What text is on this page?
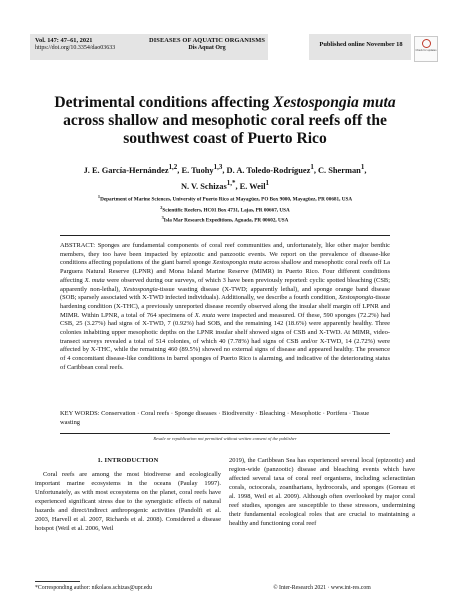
Vol. 147: 47–61, 2021
https://doi.org/10.3354/dao03633
DISEASES OF AQUATIC ORGANISMS
Dis Aquat Org	Published online November 18
Check for updates
Detrimental conditions affecting Xestospongia muta across shallow and mesophotic coral reefs off the southwest coast of Puerto Rico
J. E. García-Hernández$^{1,2}$, E. Tuohy$^{1,3}$, D. A. Toledo-Rodríguez$^1$, C. Sherman$^1$,
N. V. Schizas$^{1,*}$, E. Weil$^1$
$^1$Department of Marine Sciences, University of Puerto Rico at Mayagüez, PO Box 9000, Mayagüez, PR 00681, USA
$^2$Scientific Reefers, HC01 Box 4731, Lajas, PR 00667, USA
$^3$Isla Mar Research Expeditions, Aguada, PR 00602, USA
ABSTRACT: Sponges are fundamental components of coral reef communities and, unfortunately, like other major benthic members, they too have been impacted by epizootic and panzootic events. We report on the prevalence of disease-like conditions affecting populations of the giant barrel sponge Xestospongia muta across shallow and mesophotic coral reefs off La Parguera Natural Reserve (LPNR) and Mona Island Marine Reserve (MIMR) in Puerto Rico. Four different conditions affecting X. muta were observed during our surveys, of which 3 have been previously reported: cyclic spotted bleaching (CSB; apparently non-lethal), Xestospongia-tissue wasting disease (X-TWD; apparently lethal), and sponge orange band disease (SOB; sparsely associated with X-TWD infected individuals). Additionally, we describe a fourth condition, Xestospongia-tissue hardening condition (X-THC), a previously unreported disease recently observed along the insular shelf margin off LPNR and MIMR. Within LPNR, a total of 764 specimens of X. muta were inspected and measured. Of these, 590 sponges (72.2%) had CSB, 25 (3.27%) had signs of X-TWD, 7 (0.92%) had SOB, and the remaining 142 (18.6%) were apparently healthy. Three colonies inhabiting upper mesophotic depths on the LPNR insular shelf showed signs of CSB and X-TWD. At MIMR, video-transect surveys revealed a total of 514 colonies, of which 40 (7.78%) had signs of CSB and/or X-TWD, 14 (2.72%) were affected by X-THC, while the remaining 460 (89.5%) showed no external signs of disease and appeared healthy. The presence of 4 concomitant disease-like conditions in barrel sponges of Puerto Rico is alarming, and indicative of the deteriorating status of Caribbean coral reefs.
KEY WORDS: Conservation · Coral reefs · Sponge diseases · Biodiversity · Bleaching · Mesophotic · Porifera · Tissue wasting
Resale or republication not permitted without written consent of the publisher
1. INTRODUCTION

Coral reefs are among the most biodiverse and ecologically important marine ecosystems in the oceans (Paulay 1997). Unfortunately, as with most ecosystems on the planet, coral reefs have experienced significant stress due to the synergistic effects of natural hazards and direct/indirect anthropogenic activities (Pandolfi et al. 2003, Harvell et al. 2007, Richards et al. 2008). Considered a disease hotspot (Weil et al. 2006, Weil

2019), the Caribbean Sea has experienced several local (epizootic) and region-wide (panzootic) disease and bleaching events which have affected several taxa of coral reef organisms, including scleractinian corals, octocorals, zoantharians, hydrocorals, and sponges (Goreau et al. 1998, Weil et al. 2009). Although often overlooked by major coral reef studies, sponges are susceptible to these stressors, undermining their fundamental ecological roles that are crucial to maintaining a healthy and functioning coral reef

*Corresponding author: nikolaos.schizas@upr.edu	© Inter-Research 2021 · www.int-res.com
